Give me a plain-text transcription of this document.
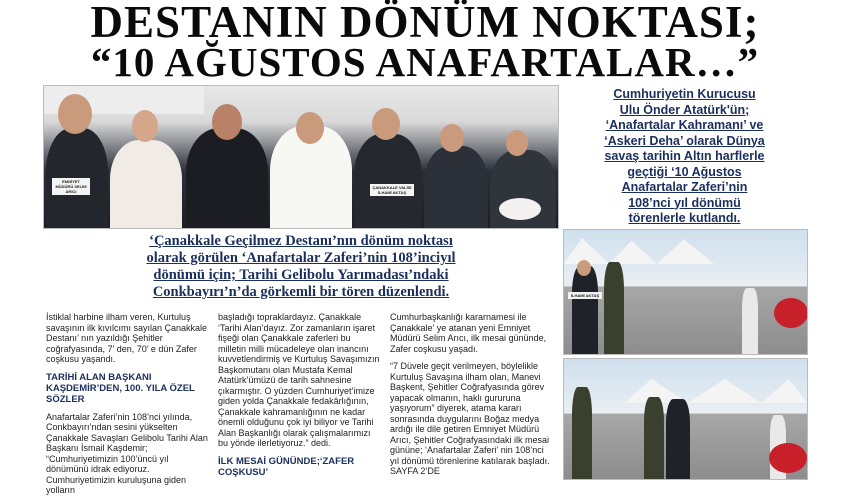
DESTANIN DÖNÜM NOKTASI;
“10 AĞUSTOS ANAFARTALAR…”
EMNİYET MÜDÜRÜ SELİM ARICI
ÇANAKKALE VALİSİ İLHAMİ AKTAŞ
Cumhuriyetin Kurucusu
Ulu Önder Atatürk'ün;
‘Anafartalar Kahramanı’ ve
‘Askeri Deha’ olarak Dünya
savaş tarihin Altın harflerle
geçtiği ‘10 Ağustos
Anafartalar Zaferi’nin
108’nci yıl dönümü
törenlerle kutlandı.
İLHAMİ AKTAŞ
‘Çanakkale Geçilmez Destanı’nın dönüm noktası
olarak görülen ‘Anafartalar Zaferi’nin 108’inciyıl
dönümü için; Tarihi Gelibolu Yarımadası’ndaki
Conkbayırı’n’da görkemli bir tören düzenlendi.

İstiklal harbine ilham veren, Kurtuluş savaşının ilk kıvılcımı sayılan Çanakkale Destanı’ nın yazıldığı Şehitler coğrafyasında, 7’ den, 70’ e dün Zafer coşkusu yaşandı.

TARİHİ ALAN BAŞKANI KAŞDEMİR’DEN, 100. YILA ÖZEL SÖZLER

Anafartalar Zaferi’nin 108’nci yılında, Conkbayırı’ndan sesini yükselten Çanakkale Savaşları Gelibolu Tarihi Alan Başkanı İsmail Kaşdemir; “Cumhuriyetimizin 100’üncü yıl dönümünü idrak ediyoruz. Cumhuriyetimizin kuruluşuna giden yolların

başladığı topraklardayız. Çanakkale ‘Tarihi Alan’dayız. Zor zamanların işaret fişeği olan Çanakkale zaferleri bu milletin milli mücadeleye olan inancını kuvvetlendirmiş ve Kurtuluş Savaşımızın Başkomutanı olan Mustafa Kemal Atatürk’ümüzü de tarih sahnesine çıkarmıştır. O yüzden Cumhuriyet’imize giden yolda Çanakkale fedakârlığının, Çanakkale kahramanlığının ne kadar önemli olduğunu çok iyi biliyor ve Tarihi Alan Başkanlığı olarak çalışmalarımızı bu yönde ilerletiyoruz.” dedi.

İLK MESAİ GÜNÜNDE;‘ZAFER COŞKUSU’

Cumhurbaşkanlığı kararnamesi ile Çanakkale’ ye atanan yeni Emniyet Müdürü Selim Arıcı, ilk mesai gününde, Zafer coşkusu yaşadı.

“7 Düvele geçit verilmeyen, böylelikle Kurtuluş Savaşına ilham olan, Manevi Başkent, Şehitler Coğrafyasında görev yapacak olmanın, haklı gururuna yaşıyorum” diyerek, atama kararı sonrasında duygularını Boğaz medya ardığı ile dile getiren Emniyet Müdürü Arıcı, Şehitler Coğrafyasındaki ilk mesai gününe; ‘Anafartalar Zaferi’ nin 108’nci yıl dönümü törenlerine katılarak başladı. SAYFA 2’DE
